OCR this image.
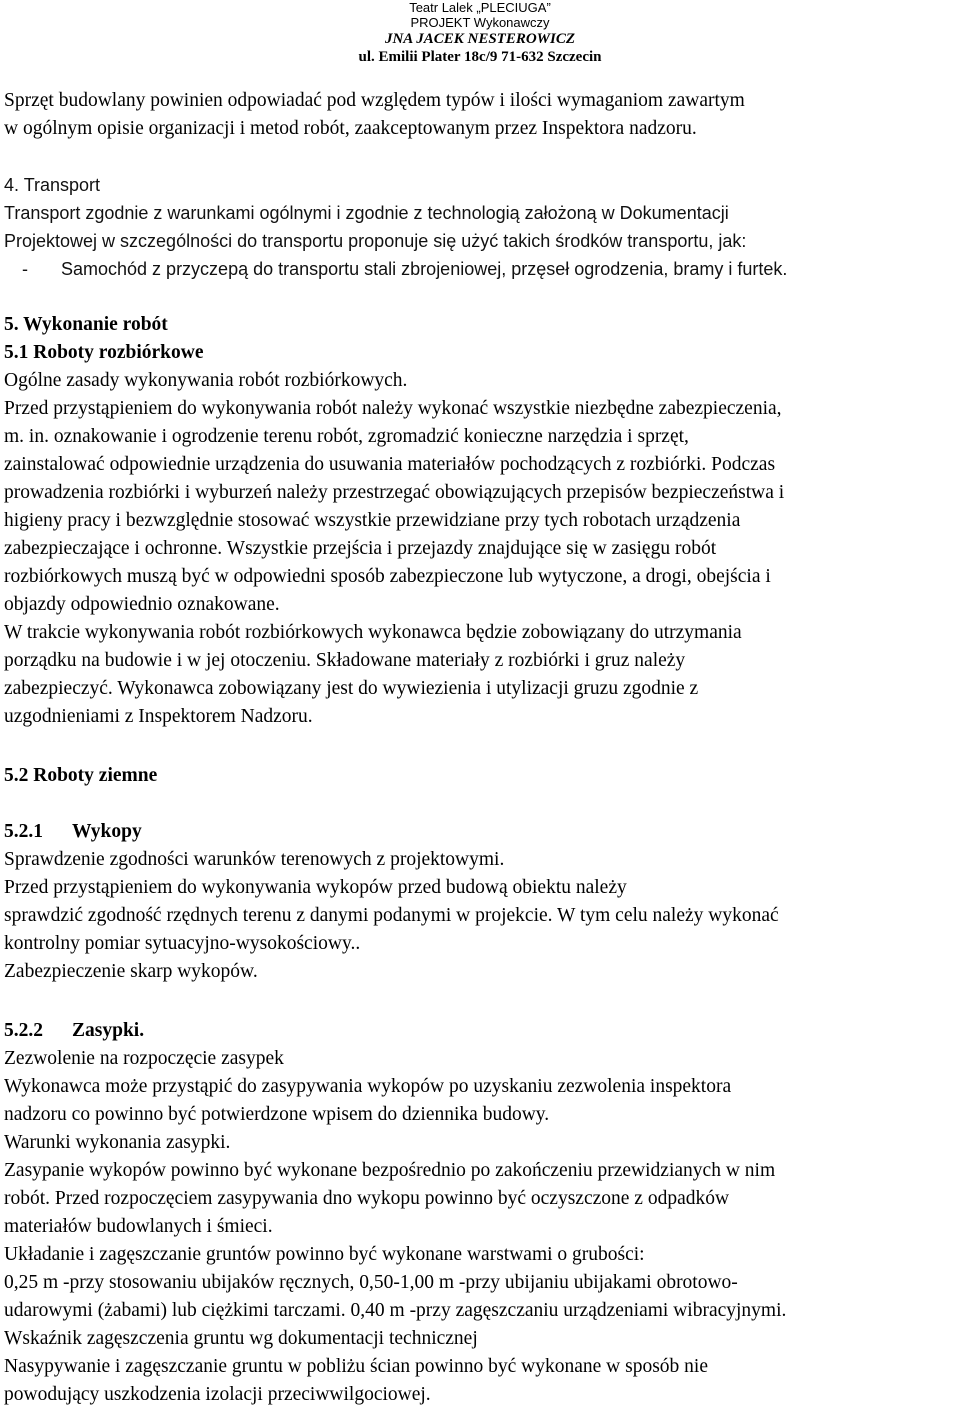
Teatr Lalek „PLECIUGA”
PROJEKT Wykonawczy
JNA JACEK NESTEROWICZ
ul. Emilii Plater 18c/9 71-632 Szczecin
Sprzęt budowlany powinien odpowiadać pod względem typów i ilości wymaganiom zawartym
w ogólnym opisie organizacji i metod robót, zaakceptowanym przez Inspektora nadzoru.
4. Transport
Transport zgodnie z warunkami ogólnymi i zgodnie z technologią założoną w Dokumentacji
Projektowej w szczególności do transportu proponuje się użyć takich środków transportu, jak:
- Samochód z przyczepą do transportu stali zbrojeniowej, przęseł ogrodzenia, bramy i furtek.
5. Wykonanie robót
5.1 Roboty rozbiórkowe
Ogólne zasady wykonywania robót rozbiórkowych.
Przed przystąpieniem do wykonywania robót należy wykonać wszystkie niezbędne zabezpieczenia,
m. in. oznakowanie i ogrodzenie terenu robót, zgromadzić konieczne narzędzia i sprzęt,
zainstalować odpowiednie urządzenia do usuwania materiałów pochodzących z rozbiórki. Podczas
prowadzenia rozbiórki i wyburzeń należy przestrzegać obowiązujących przepisów bezpieczeństwa i
higieny pracy i bezwzględnie stosować wszystkie przewidziane przy tych robotach urządzenia
zabezpieczające i ochronne. Wszystkie przejścia i przejazdy znajdujące się w zasięgu robót
rozbiórkowych muszą być w odpowiedni sposób zabezpieczone lub wytyczone, a drogi, obejścia i
objazdy odpowiednio oznakowane.
W trakcie wykonywania robót rozbiórkowych wykonawca będzie zobowiązany do utrzymania
porządku na budowie i w jej otoczeniu. Składowane materiały z rozbiórki i gruz należy
zabezpieczyć. Wykonawca zobowiązany jest do wywiezienia i utylizacji gruzu zgodnie z
uzgodnieniami z Inspektorem Nadzoru.
5.2 Roboty ziemne
5.2.1 Wykopy
Sprawdzenie zgodności warunków terenowych z projektowymi.
Przed przystąpieniem do wykonywania wykopów przed budową obiektu należy
sprawdzić zgodność rzędnych terenu z danymi podanymi w projekcie. W tym celu należy wykonać
kontrolny pomiar sytuacyjno-wysokościowy..
Zabezpieczenie skarp wykopów.
5.2.2 Zasypki.
Zezwolenie na rozpoczęcie zasypek
Wykonawca może przystąpić do zasypywania wykopów po uzyskaniu zezwolenia inspektora
nadzoru co powinno być potwierdzone wpisem do dziennika budowy.
Warunki wykonania zasypki.
Zasypanie wykopów powinno być wykonane bezpośrednio po zakończeniu przewidzianych w nim
robót. Przed rozpoczęciem zasypywania dno wykopu powinno być oczyszczone z odpadków
materiałów budowlanych i śmieci.
Układanie i zagęszczanie gruntów powinno być wykonane warstwami o grubości:
0,25 m -przy stosowaniu ubijaków ręcznych, 0,50-1,00 m -przy ubijaniu ubijakami obrotowo-
udarowymi (żabami) lub ciężkimi tarczami. 0,40 m -przy zagęszczaniu urządzeniami wibracyjnymi.
Wskaźnik zagęszczenia gruntu wg dokumentacji technicznej
Nasypywanie i zagęszczanie gruntu w pobliżu ścian powinno być wykonane w sposób nie
powodujący uszkodzenia izolacji przeciwwilgociowej.
